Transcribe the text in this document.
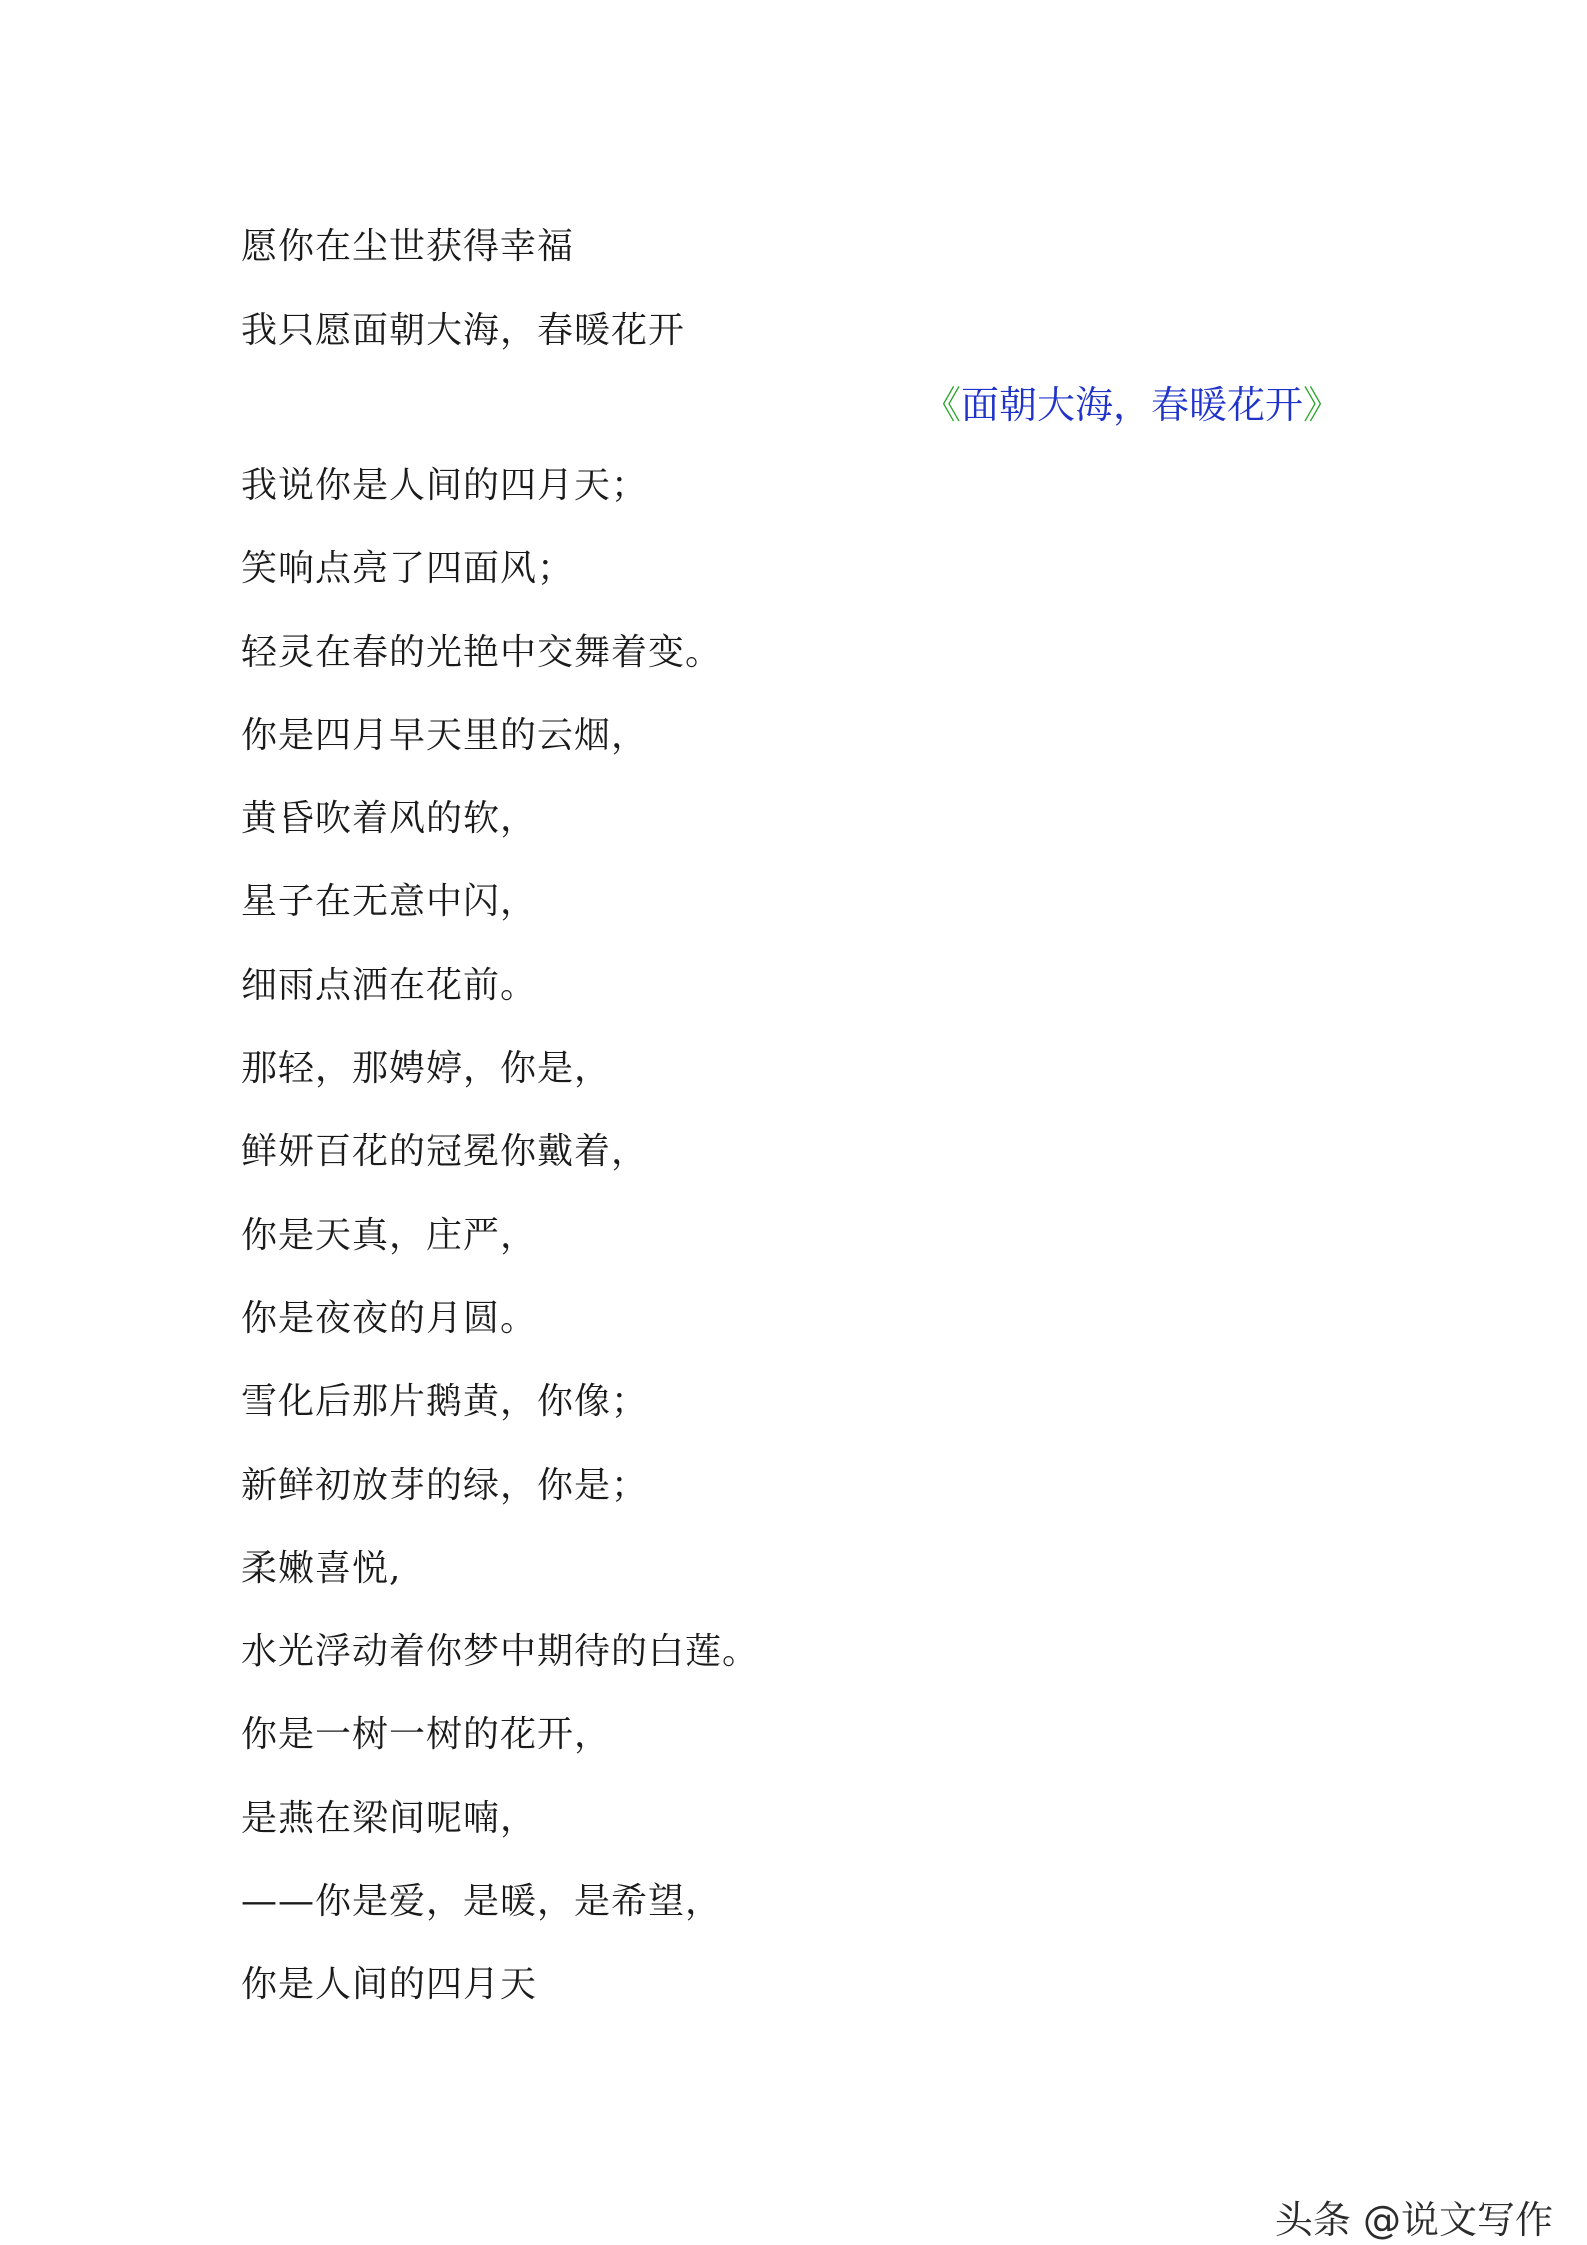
愿你在尘世获得幸福
我只愿面朝大海，春暖花开
《面朝大海，春暖花开》
我说你是人间的四月天；
笑响点亮了四面风；
轻灵在春的光艳中交舞着变。
你是四月早天里的云烟，
黄昏吹着风的软，
星子在无意中闪，
细雨点洒在花前。
那轻，那娉婷，你是，
鲜妍百花的冠冕你戴着，
你是天真，庄严，
你是夜夜的月圆。
雪化后那片鹅黄，你像；
新鲜初放芽的绿，你是；
柔嫩喜悦,
水光浮动着你梦中期待的白莲。
你是一树一树的花开，
是燕在梁间呢喃，
——你是爱，是暖，是希望，
你是人间的四月天
头条 @说文写作
